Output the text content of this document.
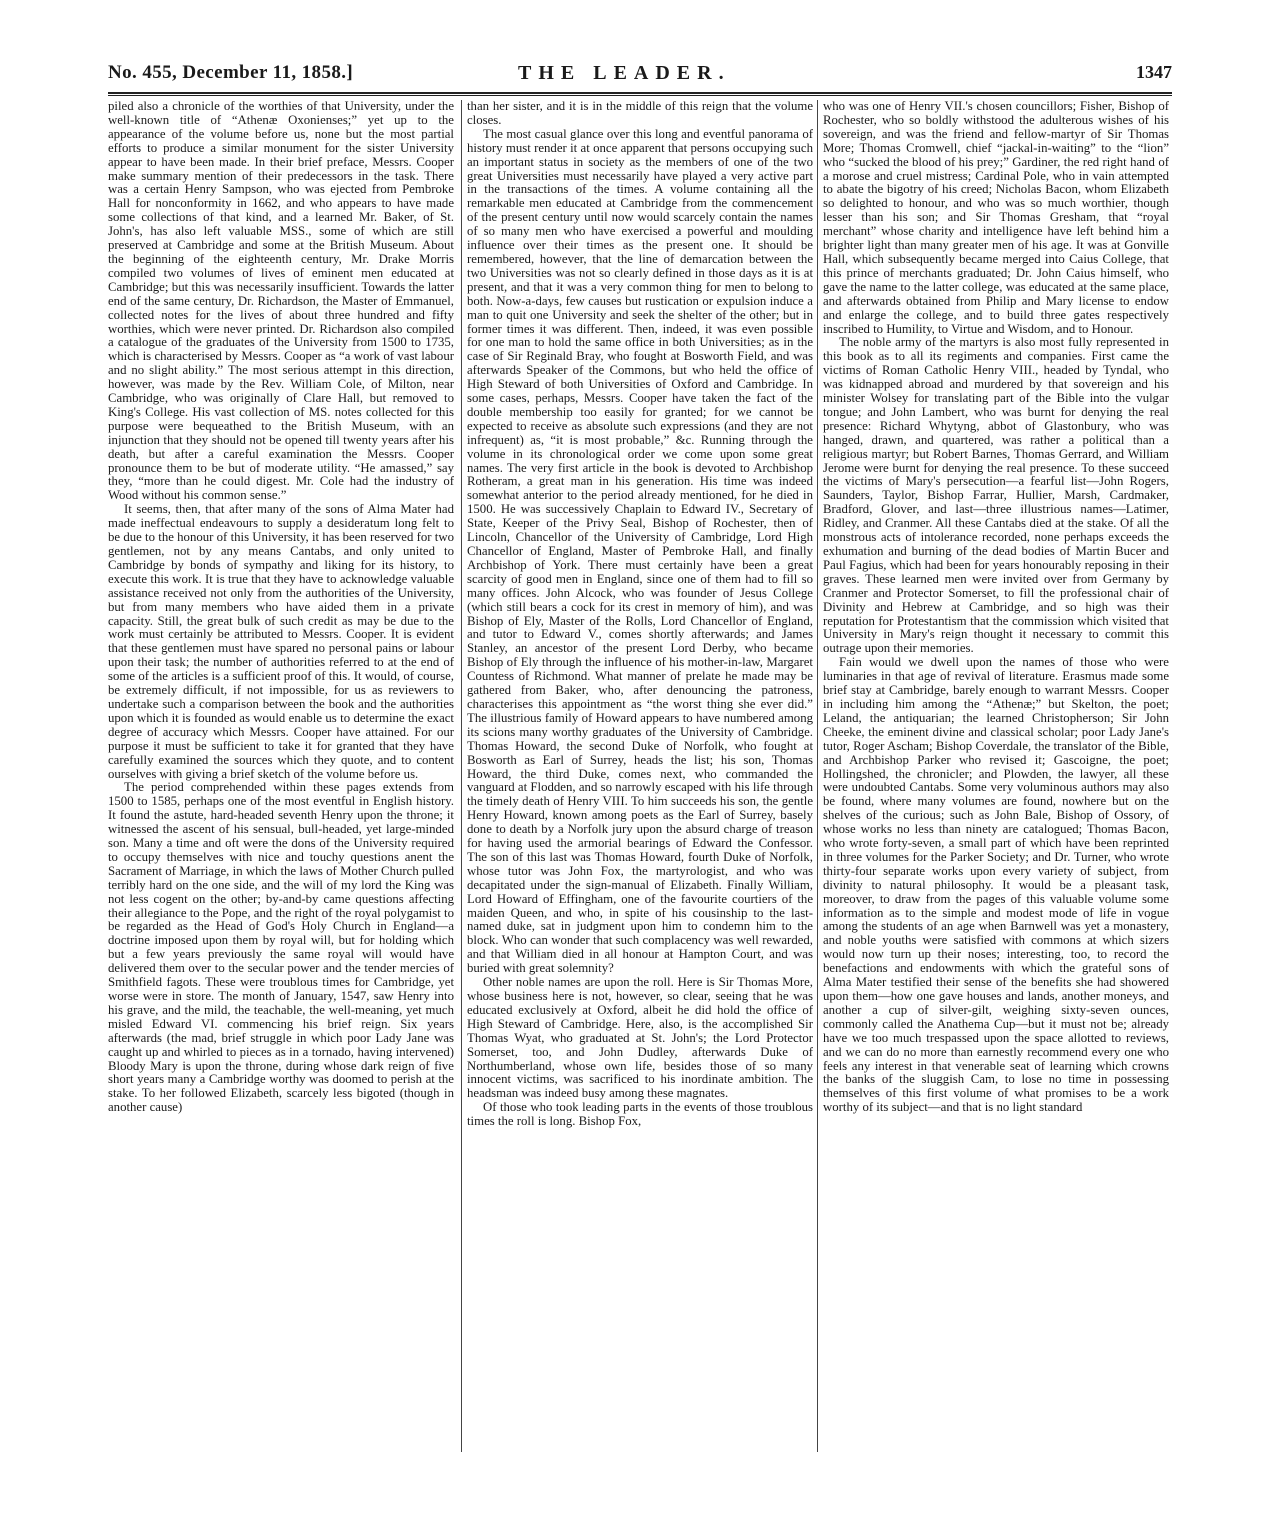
No. 455, December 11, 1858.]	THE LEADER.	1347

piled also a chronicle of the worthies of that University, under the well-known title of “Athenæ Oxonienses;” yet up to the appearance of the volume before us, none but the most partial efforts to produce a similar monument for the sister University appear to have been made. In their brief preface, Messrs. Cooper make summary mention of their predecessors in the task. There was a certain Henry Sampson, who was ejected from Pembroke Hall for nonconformity in 1662, and who appears to have made some collections of that kind, and a learned Mr. Baker, of St. John's, has also left valuable MSS., some of which are still preserved at Cambridge and some at the British Museum. About the beginning of the eighteenth century, Mr. Drake Morris compiled two volumes of lives of eminent men educated at Cambridge; but this was necessarily insufficient. Towards the latter end of the same century, Dr. Richardson, the Master of Emmanuel, collected notes for the lives of about three hundred and fifty worthies, which were never printed. Dr. Richardson also compiled a catalogue of the graduates of the University from 1500 to 1735, which is characterised by Messrs. Cooper as “a work of vast labour and no slight ability.” The most serious attempt in this direction, however, was made by the Rev. William Cole, of Milton, near Cambridge, who was originally of Clare Hall, but removed to King's College. His vast collection of MS. notes collected for this purpose were bequeathed to the British Museum, with an injunction that they should not be opened till twenty years after his death, but after a careful examination the Messrs. Cooper pronounce them to be but of moderate utility. “He amassed,” say they, “more than he could digest. Mr. Cole had the industry of Wood without his common sense.”

It seems, then, that after many of the sons of Alma Mater had made ineffectual endeavours to supply a desideratum long felt to be due to the honour of this University, it has been reserved for two gentlemen, not by any means Cantabs, and only united to Cambridge by bonds of sympathy and liking for its history, to execute this work. It is true that they have to acknowledge valuable assistance received not only from the authorities of the University, but from many members who have aided them in a private capacity. Still, the great bulk of such credit as may be due to the work must certainly be attributed to Messrs. Cooper. It is evident that these gentlemen must have spared no personal pains or labour upon their task; the number of authorities referred to at the end of some of the articles is a sufficient proof of this. It would, of course, be extremely difficult, if not impossible, for us as reviewers to undertake such a comparison between the book and the authorities upon which it is founded as would enable us to determine the exact degree of accuracy which Messrs. Cooper have attained. For our purpose it must be sufficient to take it for granted that they have carefully examined the sources which they quote, and to content ourselves with giving a brief sketch of the volume before us.

The period comprehended within these pages extends from 1500 to 1585, perhaps one of the most eventful in English history. It found the astute, hard-headed seventh Henry upon the throne; it witnessed the ascent of his sensual, bull-headed, yet large-minded son. Many a time and oft were the dons of the University required to occupy themselves with nice and touchy questions anent the Sacrament of Marriage, in which the laws of Mother Church pulled terribly hard on the one side, and the will of my lord the King was not less cogent on the other; by-and-by came questions affecting their allegiance to the Pope, and the right of the royal polygamist to be regarded as the Head of God's Holy Church in England—a doctrine imposed upon them by royal will, but for holding which but a few years previously the same royal will would have delivered them over to the secular power and the tender mercies of Smithfield fagots. These were troublous times for Cambridge, yet worse were in store. The month of January, 1547, saw Henry into his grave, and the mild, the teachable, the well-meaning, yet much misled Edward VI. commencing his brief reign. Six years afterwards (the mad, brief struggle in which poor Lady Jane was caught up and whirled to pieces as in a tornado, having intervened) Bloody Mary is upon the throne, during whose dark reign of five short years many a Cambridge worthy was doomed to perish at the stake. To her followed Elizabeth, scarcely less bigoted (though in another cause)

than her sister, and it is in the middle of this reign that the volume closes.

The most casual glance over this long and eventful panorama of history must render it at once apparent that persons occupying such an important status in society as the members of one of the two great Universities must necessarily have played a very active part in the transactions of the times. A volume containing all the remarkable men educated at Cambridge from the commencement of the present century until now would scarcely contain the names of so many men who have exercised a powerful and moulding influence over their times as the present one. It should be remembered, however, that the line of demarcation between the two Universities was not so clearly defined in those days as it is at present, and that it was a very common thing for men to belong to both. Now-a-days, few causes but rustication or expulsion induce a man to quit one University and seek the shelter of the other; but in former times it was different. Then, indeed, it was even possible for one man to hold the same office in both Universities; as in the case of Sir Reginald Bray, who fought at Bosworth Field, and was afterwards Speaker of the Commons, but who held the office of High Steward of both Universities of Oxford and Cambridge. In some cases, perhaps, Messrs. Cooper have taken the fact of the double membership too easily for granted; for we cannot be expected to receive as absolute such expressions (and they are not infrequent) as, “it is most probable,” &c. Running through the volume in its chronological order we come upon some great names. The very first article in the book is devoted to Archbishop Rotheram, a great man in his generation. His time was indeed somewhat anterior to the period already mentioned, for he died in 1500. He was successively Chaplain to Edward IV., Secretary of State, Keeper of the Privy Seal, Bishop of Rochester, then of Lincoln, Chancellor of the University of Cambridge, Lord High Chancellor of England, Master of Pembroke Hall, and finally Archbishop of York. There must certainly have been a great scarcity of good men in England, since one of them had to fill so many offices. John Alcock, who was founder of Jesus College (which still bears a cock for its crest in memory of him), and was Bishop of Ely, Master of the Rolls, Lord Chancellor of England, and tutor to Edward V., comes shortly afterwards; and James Stanley, an ancestor of the present Lord Derby, who became Bishop of Ely through the influence of his mother-in-law, Margaret Countess of Richmond. What manner of prelate he made may be gathered from Baker, who, after denouncing the patroness, characterises this appointment as “the worst thing she ever did.” The illustrious family of Howard appears to have numbered among its scions many worthy graduates of the University of Cambridge. Thomas Howard, the second Duke of Norfolk, who fought at Bosworth as Earl of Surrey, heads the list; his son, Thomas Howard, the third Duke, comes next, who commanded the vanguard at Flodden, and so narrowly escaped with his life through the timely death of Henry VIII. To him succeeds his son, the gentle Henry Howard, known among poets as the Earl of Surrey, basely done to death by a Norfolk jury upon the absurd charge of treason for having used the armorial bearings of Edward the Confessor. The son of this last was Thomas Howard, fourth Duke of Norfolk, whose tutor was John Fox, the martyrologist, and who was decapitated under the sign-manual of Elizabeth. Finally William, Lord Howard of Effingham, one of the favourite courtiers of the maiden Queen, and who, in spite of his cousinship to the last-named duke, sat in judgment upon him to condemn him to the block. Who can wonder that such complacency was well rewarded, and that William died in all honour at Hampton Court, and was buried with great solemnity?

Other noble names are upon the roll. Here is Sir Thomas More, whose business here is not, however, so clear, seeing that he was educated exclusively at Oxford, albeit he did hold the office of High Steward of Cambridge. Here, also, is the accomplished Sir Thomas Wyat, who graduated at St. John's; the Lord Protector Somerset, too, and John Dudley, afterwards Duke of Northumberland, whose own life, besides those of so many innocent victims, was sacrificed to his inordinate ambition. The headsman was indeed busy among these magnates.

Of those who took leading parts in the events of those troublous times the roll is long. Bishop Fox,

who was one of Henry VII.'s chosen councillors; Fisher, Bishop of Rochester, who so boldly withstood the adulterous wishes of his sovereign, and was the friend and fellow-martyr of Sir Thomas More; Thomas Cromwell, chief “jackal-in-waiting” to the “lion” who “sucked the blood of his prey;” Gardiner, the red right hand of a morose and cruel mistress; Cardinal Pole, who in vain attempted to abate the bigotry of his creed; Nicholas Bacon, whom Elizabeth so delighted to honour, and who was so much worthier, though lesser than his son; and Sir Thomas Gresham, that “royal merchant” whose charity and intelligence have left behind him a brighter light than many greater men of his age. It was at Gonville Hall, which subsequently became merged into Caius College, that this prince of merchants graduated; Dr. John Caius himself, who gave the name to the latter college, was educated at the same place, and afterwards obtained from Philip and Mary license to endow and enlarge the college, and to build three gates respectively inscribed to Humility, to Virtue and Wisdom, and to Honour.

The noble army of the martyrs is also most fully represented in this book as to all its regiments and companies. First came the victims of Roman Catholic Henry VIII., headed by Tyndal, who was kidnapped abroad and murdered by that sovereign and his minister Wolsey for translating part of the Bible into the vulgar tongue; and John Lambert, who was burnt for denying the real presence: Richard Whytyng, abbot of Glastonbury, who was hanged, drawn, and quartered, was rather a political than a religious martyr; but Robert Barnes, Thomas Gerrard, and William Jerome were burnt for denying the real presence. To these succeed the victims of Mary's persecution—a fearful list—John Rogers, Saunders, Taylor, Bishop Farrar, Hullier, Marsh, Cardmaker, Bradford, Glover, and last—three illustrious names—Latimer, Ridley, and Cranmer. All these Cantabs died at the stake. Of all the monstrous acts of intolerance recorded, none perhaps exceeds the exhumation and burning of the dead bodies of Martin Bucer and Paul Fagius, which had been for years honourably reposing in their graves. These learned men were invited over from Germany by Cranmer and Protector Somerset, to fill the professional chair of Divinity and Hebrew at Cambridge, and so high was their reputation for Protestantism that the commission which visited that University in Mary's reign thought it necessary to commit this outrage upon their memories.

Fain would we dwell upon the names of those who were luminaries in that age of revival of literature. Erasmus made some brief stay at Cambridge, barely enough to warrant Messrs. Cooper in including him among the “Athenæ;” but Skelton, the poet; Leland, the antiquarian; the learned Christopherson; Sir John Cheeke, the eminent divine and classical scholar; poor Lady Jane's tutor, Roger Ascham; Bishop Coverdale, the translator of the Bible, and Archbishop Parker who revised it; Gascoigne, the poet; Hollingshed, the chronicler; and Plowden, the lawyer, all these were undoubted Cantabs. Some very voluminous authors may also be found, where many volumes are found, nowhere but on the shelves of the curious; such as John Bale, Bishop of Ossory, of whose works no less than ninety are catalogued; Thomas Bacon, who wrote forty-seven, a small part of which have been reprinted in three volumes for the Parker Society; and Dr. Turner, who wrote thirty-four separate works upon every variety of subject, from divinity to natural philosophy. It would be a pleasant task, moreover, to draw from the pages of this valuable volume some information as to the simple and modest mode of life in vogue among the students of an age when Barnwell was yet a monastery, and noble youths were satisfied with commons at which sizers would now turn up their noses; interesting, too, to record the benefactions and endowments with which the grateful sons of Alma Mater testified their sense of the benefits she had showered upon them—how one gave houses and lands, another moneys, and another a cup of silver-gilt, weighing sixty-seven ounces, commonly called the Anathema Cup—but it must not be; already have we too much trespassed upon the space allotted to reviews, and we can do no more than earnestly recommend every one who feels any interest in that venerable seat of learning which crowns the banks of the sluggish Cam, to lose no time in possessing themselves of this first volume of what promises to be a work worthy of its subject—and that is no light standard
